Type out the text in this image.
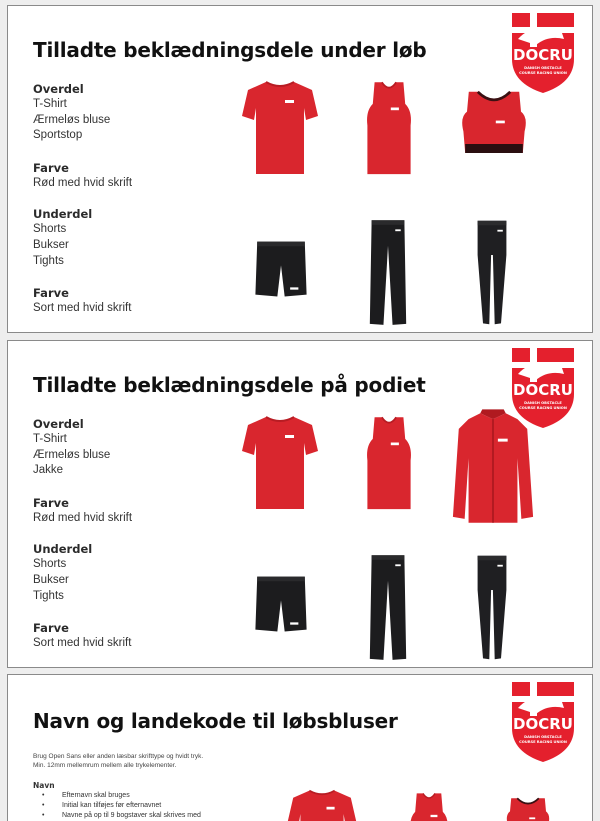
Tilladte beklædningsdele under løb	DOCRU
DANISH OBSTACLE
COURSE RACING UNION
Overdel
T-Shirt
Ærmeløs bluse
Sportstop
Farve
Rød med hvid skrift
Underdel
Shorts
Bukser
Tights
Farve
Sort med hvid skrift
Tilladte beklædningsdele på podiet	DOCRU
DANISH OBSTACLE
COURSE RACING UNION
Overdel
T-Shirt
Ærmeløs bluse
Jakke
Farve
Rød med hvid skrift
Underdel
Shorts
Bukser
Tights
Farve
Sort med hvid skrift
Navn og landekode til løbsbluser	DOCRU
DANISH OBSTACLE
COURSE RACING UNION
Brug Open Sans eller anden læsbar skrifttype og hvidt tryk.
Min. 12mm mellemrum mellem alle trykelementer.
Navn
• Efternavn skal bruges
• Initial kan tilføjes før efternavnet
• Navne på op til 9 bogstaver skal skrives med
